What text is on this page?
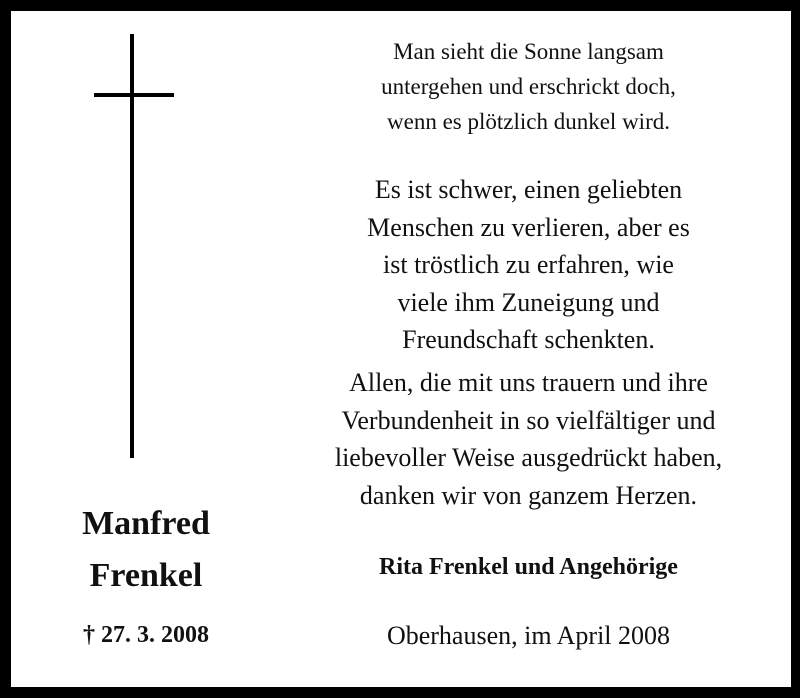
Manfred
Frenkel
† 27. 3. 2008
Man sieht die Sonne langsam
untergehen und erschrickt doch,
wenn es plötzlich dunkel wird.
Es ist schwer, einen geliebten
Menschen zu verlieren, aber es
ist tröstlich zu erfahren, wie
viele ihm Zuneigung und
Freundschaft schenkten.
Allen, die mit uns trauern und ihre
Verbundenheit in so vielfältiger und
liebevoller Weise ausgedrückt haben,
danken wir von ganzem Herzen.
Rita Frenkel und Angehörige
Oberhausen, im April 2008
